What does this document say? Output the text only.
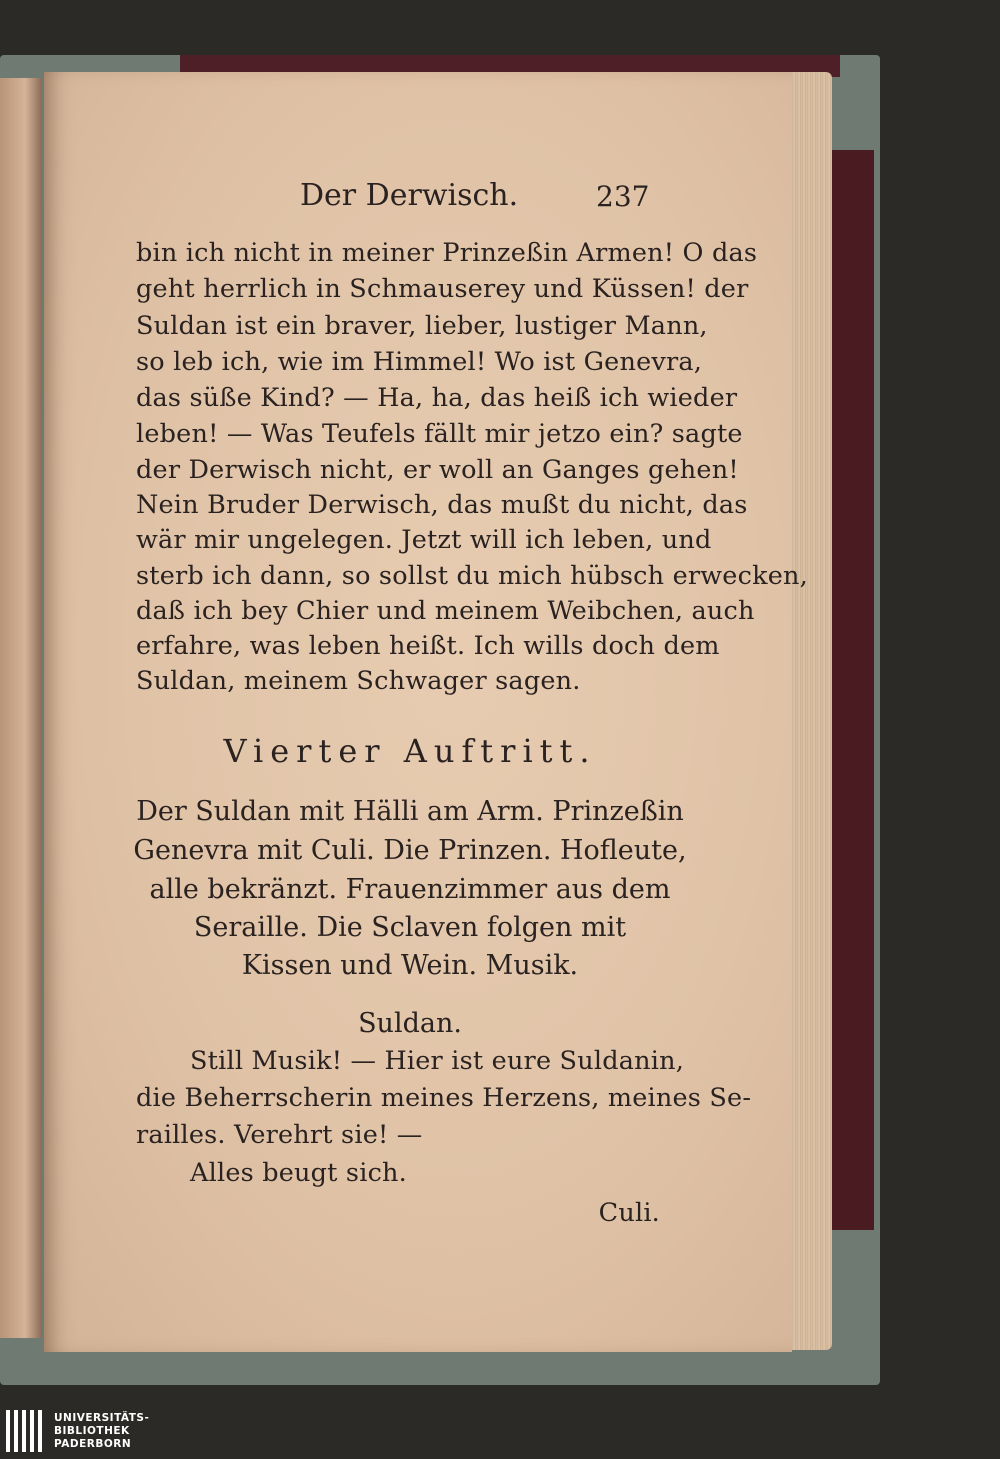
Der Derwisch.	237
bin ich nicht in meiner Prinzeßin Armen! O das
geht herrlich in Schmauserey und Küssen! der
Suldan ist ein braver, lieber, lustiger Mann,
so leb ich, wie im Himmel! Wo ist Genevra,
das süße Kind? — Ha, ha, das heiß ich wieder
leben! — Was Teufels fällt mir jetzo ein? sagte
der Derwisch nicht, er woll an Ganges gehen!
Nein Bruder Derwisch, das mußt du nicht, das
wär mir ungelegen. Jetzt will ich leben, und
sterb ich dann, so sollst du mich hübsch erwecken,
daß ich bey Chier und meinem Weibchen, auch
erfahre, was leben heißt. Ich wills doch dem
Suldan, meinem Schwager sagen.
Vierter Auftritt.
Der Suldan mit Hälli am Arm. Prinzeßin
Genevra mit Culi. Die Prinzen. Hofleute,
alle bekränzt. Frauenzimmer aus dem
Seraille. Die Sclaven folgen mit
Kissen und Wein. Musik.
Suldan.
Still Musik! — Hier ist eure Suldanin,
die Beherrscherin meines Herzens, meines Se-
railles. Verehrt sie! —
Alles beugt sich.
Culi.
UNIVERSITÄTS-
BIBLIOTHEK
PADERBORN
